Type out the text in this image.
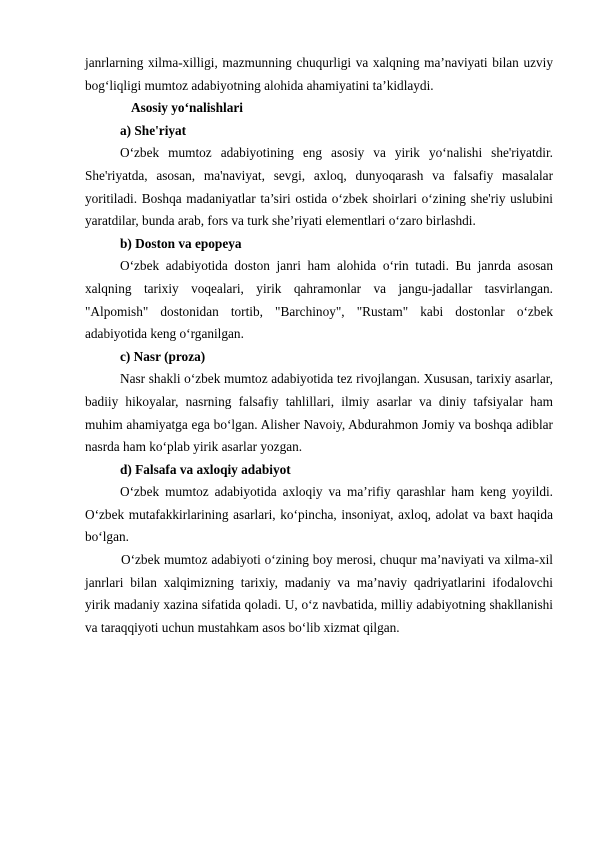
janrlarning xilma-xilligi, mazmunning chuqurligi va xalqning ma’naviyati bilan uzviy bog‘liqligi mumtoz adabiyotning alohida ahamiyatini ta’kidlaydi.

Asosiy yo‘nalishlari

a) She'riyat

O‘zbek mumtoz adabiyotining eng asosiy va yirik yo‘nalishi she'riyatdir. She'riyatda, asosan, ma'naviyat, sevgi, axloq, dunyoqarash va falsafiy masalalar yoritiladi. Boshqa madaniyatlar ta’siri ostida o‘zbek shoirlari o‘zining she'riy uslubini yaratdilar, bunda arab, fors va turk she’riyati elementlari o‘zaro birlashdi.

b) Doston va epopeya

O‘zbek adabiyotida doston janri ham alohida o‘rin tutadi. Bu janrda asosan xalqning tarixiy voqealari, yirik qahramonlar va jangu-jadallar tasvirlangan. "Alpomish" dostonidan tortib, "Barchinoy", "Rustam" kabi dostonlar o‘zbek adabiyotida keng o‘rganilgan.

c) Nasr (proza)

Nasr shakli o‘zbek mumtoz adabiyotida tez rivojlangan. Xususan, tarixiy asarlar, badiiy hikoyalar, nasrning falsafiy tahlillari, ilmiy asarlar va diniy tafsiyalar ham muhim ahamiyatga ega bo‘lgan. Alisher Navoiy, Abdurahmon Jomiy va boshqa adiblar nasrda ham ko‘plab yirik asarlar yozgan.

d) Falsafa va axloqiy adabiyot

O‘zbek mumtoz adabiyotida axloqiy va ma’rifiy qarashlar ham keng yoyildi. O‘zbek mutafakkirlarining asarlari, ko‘pincha, insoniyat, axloq, adolat va baxt haqida bo‘lgan.

O‘zbek mumtoz adabiyoti o‘zining boy merosi, chuqur ma’naviyati va xilma-xil janrlari bilan xalqimizning tarixiy, madaniy va ma’naviy qadriyatlarini ifodalovchi yirik madaniy xazina sifatida qoladi. U, o‘z navbatida, milliy adabiyotning shakllanishi va taraqqiyoti uchun mustahkam asos bo‘lib xizmat qilgan.
